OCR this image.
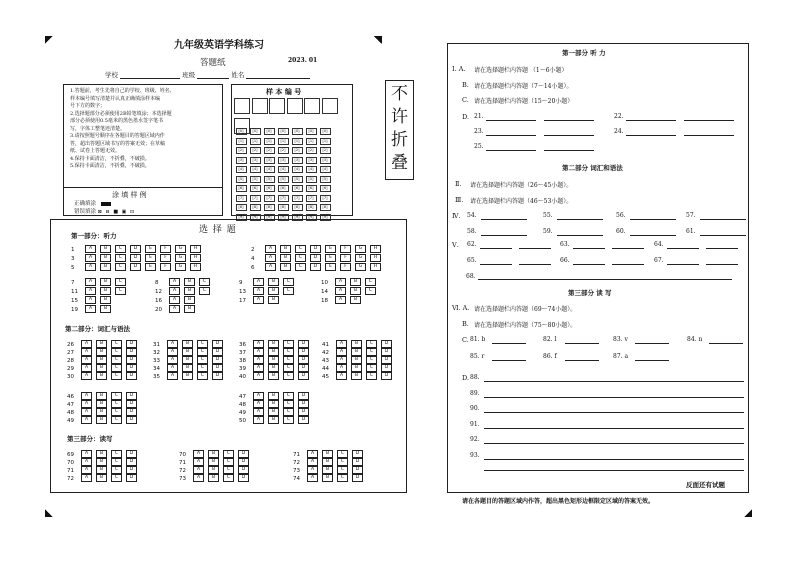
九年级英语学科练习
答题纸	2023. 01
学校	班级	姓名
1.答题前，考生先将自己的学校、班级、姓名、
样本编号填写清楚并认真正确填涂样本编
号下方的数字；
2.选择题部分必须使用2B铅笔填涂；本选择题
部分必须使用0.5毫米的黑色墨水签字笔书
写，字体工整笔迹清楚。
3.请按照题号顺序在各题目的答题区域内作
答，超出答题区域书写的答案无效；在草稿
纸、试卷上答题无效。
4.保持卡面清洁，不折叠，不破损。
5.保持卡面清洁，不折叠，不破损。
涂 填 样 例
正确填涂
错误填涂 ⊠ ⊟ ■ ▣ ⊡
样 本 编 号
[0]	[0]	[0]	[0]	[0]	[0]	[0]
[1]	[1]	[1]	[1]	[1]	[1]	[1]
[2]	[2]	[2]	[2]	[2]	[2]	[2]
[3]	[3]	[3]	[3]	[3]	[3]	[3]
[4]	[4]	[4]	[4]	[4]	[4]	[4]
[5]	[5]	[5]	[5]	[5]	[5]	[5]
[6]	[6]	[6]	[6]	[6]	[6]	[6]
[7]	[7]	[7]	[7]	[7]	[7]	[7]
[8]	[8]	[8]	[8]	[8]	[8]	[8]
[9]	[9]	[9]	[9]	[9]	[9]	[9]
不
许
折
叠
选 择 题
第一部分：听力
第二部分：词汇与语法
第三部分：读写
1	A	B	C	D	E	F	G	H
3	A	B	C	D	E	F	G	H
5	A	B	C	D	E	F	G	H
2	A	B	C	D	E	F	G	H
4	A	B	C	D	E	F	G	H
6	A	B	C	D	E	F	G	H
7	A	B	C
11 A	B	C
15 A	B
19 A	B
8	A	B	C
12 A	B	C
16 A	B
20 A	B
9	A	B	C
13 A	B	C
17 A	B
10 A	B	C
14 A	B	C
18 A	B
26 A	B	C	D
27 A	B	C	D
28 A	B	C	D
29 A	B	C	D
30 A	B	C	D
31 A	B	C	D
32 A	B	C	D
33 A	B	C	D
34 A	B	C	D
35 A	B	C	D
36 A	B	C	D
37 A	B	C	D
38 A	B	C	D
39 A	B	C	D
40 A	B	C	D
41 A	B	C	D
42 A	B	C	D
43 A	B	C	D
44 A	B	C	D
45 A	B	C	D
46 A	B	C	D
47 A	B	C	D
48 A	B	C	D
49 A	B	C	D
47 A	B	C	D
48 A	B	C	D
49 A	B	C	D
50 A	B	C	D
69 A	B	C	D
70 A	B	C	D
71 A	B	C	D
72 A	B	C	D
70 A	B	C	D
71 A	B	C	D
72 A	B	C	D
73 A	B	C	D
71 A	B	C	D
72 A	B	C	D
73 A	B	C	D
74 A	B	C	D
第一部分 听 力
Ⅰ. A. 请在选择题栏内答题 （1～6小题）
B. 请在选择题栏内答题（7～14小题）。
C. 请在选择题栏内答题（15～20小题）
D. 21.	22.
23.	24.
25.
第二部分 词汇和语法
Ⅱ. 请在选择题栏内答题（26～45小题）。
Ⅲ. 请在选择题栏内答题（46～53小题）。
Ⅳ. 54.	55.	56.	57.
58.	59.	60.	61.
Ⅴ. 62.	63.	64.
65.	66.	67.
68.
第三部分 读 写
Ⅵ. A. 请在选择题栏内答题（69～74小题）。
B. 请在选择题栏内答题（75～80小题）。
C. 81. b	82. l	83. v	84. n
85. r	86. f	87. a
D. 88.
89.
90.
91.
92.
93.
反面还有试题
请在各题目的答题区域内作答，超出黑色矩形边框限定区域的答案无效。
